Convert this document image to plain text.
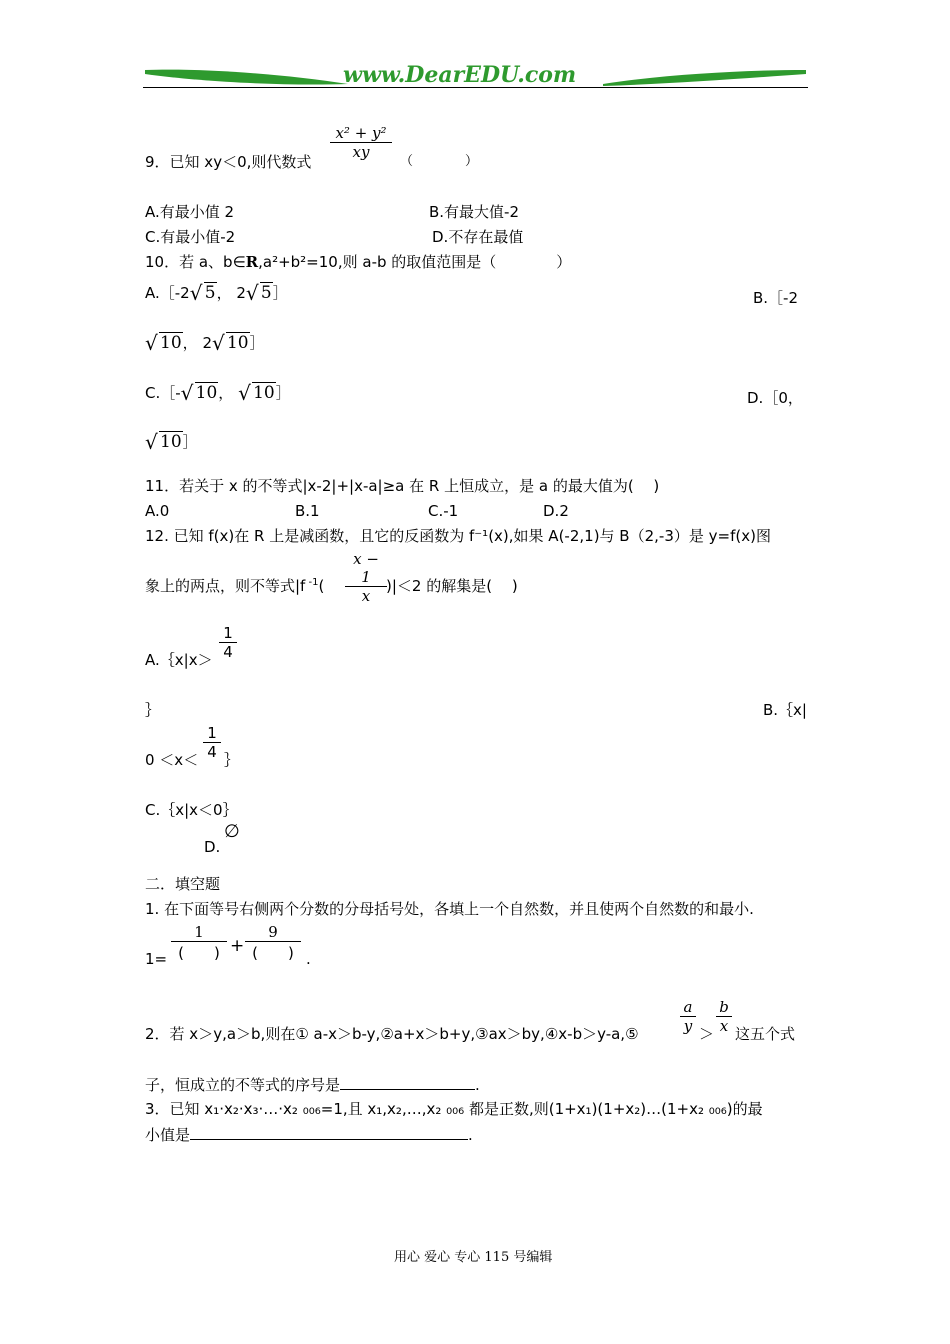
www.DearEDU.com
9．已知 xy＜0,则代数式
x² + y²
xy
（　　　　）
A.有最小值 2	B.有最大值-2
C.有最小值-2	D.不存在最值
10．若 a、b∈R,a²+b²=10,则 a-b 的取值范围是（　　　　）
A.［-2 √ 5， 2 √ 5］	B.［-2
√ 10， 2 √ 10］
C.［- √ 10， √ 10］	D.［0，
√ 10］
11．若关于 x 的不等式|x-2|+|x-a|≥a 在 R 上恒成立，是 a 的最大值为(　 )
A.0	B.1	C.-1	D.2
12. 已知 f(x)在 R 上是减函数，且它的反函数为 f⁻¹(x),如果 A(-2,1)与 B（2,-3）是 y=f(x)图
象上的两点，则不等式|f $^{-1}$(
x − 1
x
)|＜2 的解集是(　 )
A.｛x|x＞
1
4
｝	B.｛x|
0 ＜x＜
1
4 ｝
C.｛x|x＜0｝
∅
D.
二．填空题
1. 在下面等号右侧两个分数的分母括号处，各填上一个自然数，并且使两个自然数的和最小.
1=
1
(　　) +
9
(　　) .
2．若 x＞y,a＞b,则在① a-x＞b-y,②a+x＞b+y,③ax＞by,④x-b＞y-a,⑤
a
y ＞
b
x 这五个式
子，恒成立的不等式的序号是	.
3．已知 x₁·x₂·x₃·…·x₂ ₀₀₆=1,且 x₁,x₂,…,x₂ ₀₀₆ 都是正数,则(1+x₁)(1+x₂)…(1+x₂ ₀₀₆)的最
小值是	.
用心 爱心 专心 115 号编辑
